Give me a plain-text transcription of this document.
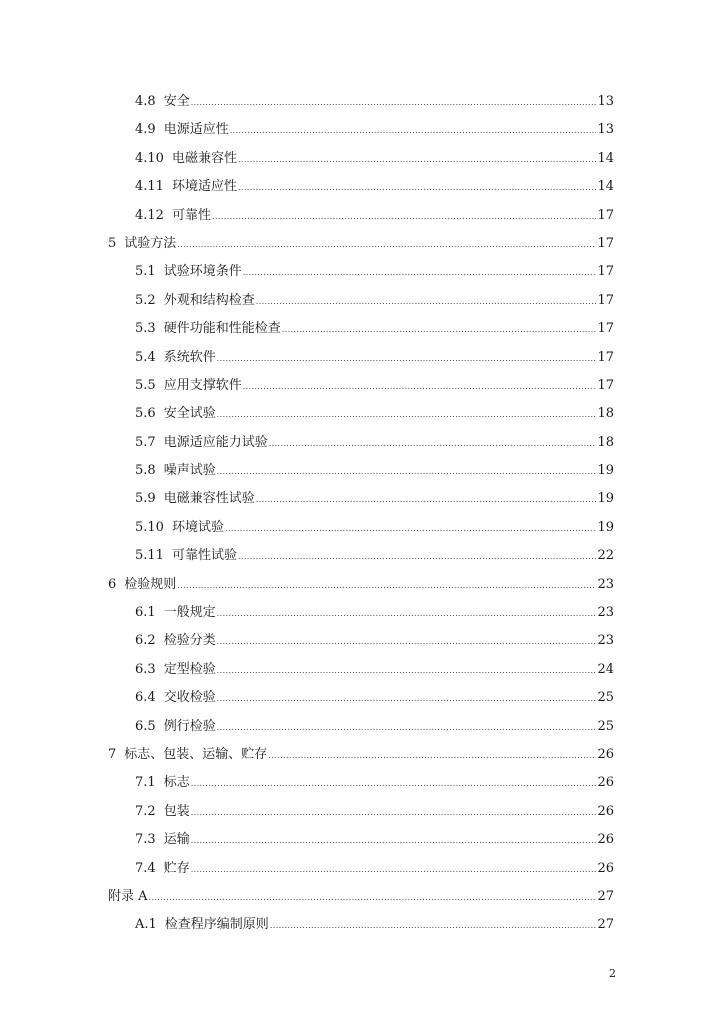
4.8 安全 .....	13
4.9 电源适应性 .....	13
4.10 电磁兼容性 .....	14
4.11 环境适应性 .....	14
4.12 可靠性 .....	17
5 试验方法 .....	17
5.1 试验环境条件 .....	17
5.2 外观和结构检查 .....	17
5.3 硬件功能和性能检查 .....	17
5.4 系统软件 .....	17
5.5 应用支撑软件 .....	17
5.6 安全试验 .....	18
5.7 电源适应能力试验 .....	18
5.8 噪声试验 .....	19
5.9 电磁兼容性试验 .....	19
5.10 环境试验 .....	19
5.11 可靠性试验 .....	22
6 检验规则 .....	23
6.1 一般规定 .....	23
6.2 检验分类 .....	23
6.3 定型检验 .....	24
6.4 交收检验 .....	25
6.5 例行检验 .....	25
7 标志、包装、运输、贮存 .....	26
7.1 标志 .....	26
7.2 包装 .....	26
7.3 运输 .....	26
7.4 贮存 .....	26
附录 A .....	27
A.1 检查程序编制原则 .....	27
2
